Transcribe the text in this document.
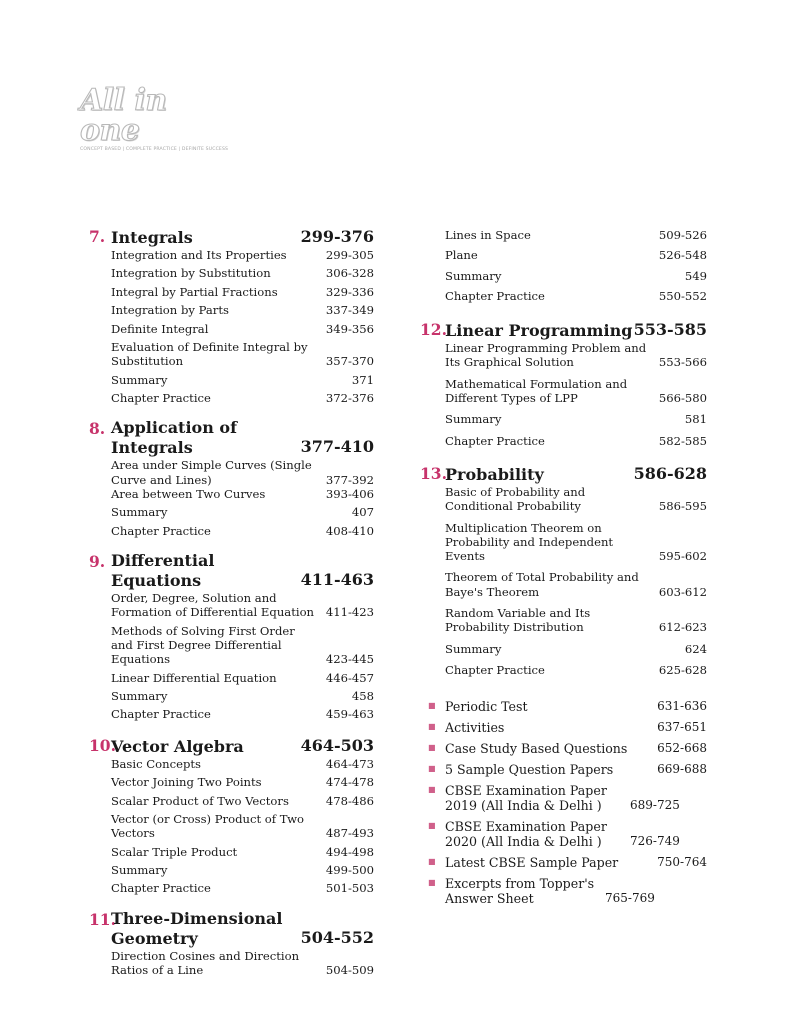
All in one
CONCEPT BASED | COMPLETE PRACTICE | DEFINITE SUCCESS
7. Integrals	299-376
Integration and Its Properties	299-305
Integration by Substitution	306-328
Integral by Partial Fractions	329-336
Integration by Parts	337-349
Definite Integral	349-356
Evaluation of Definite Integral by Substitution	357-370
Summary	371
Chapter Practice	372-376
8. Application of Integrals	377-410
Area under Simple Curves (Single Curve and Lines)	377-392
Area between Two Curves	393-406
Summary	407
Chapter Practice	408-410
9. Differential Equations	411-463
Order, Degree, Solution and Formation of Differential Equation	411-423
Methods of Solving First Order and First Degree Differential Equations	423-445
Linear Differential Equation	446-457
Summary	458
Chapter Practice	459-463
10.
Vector Algebra	464-503
Basic Concepts	464-473
Vector Joining Two Points	474-478
Scalar Product of Two Vectors	478-486
Vector (or Cross) Product of Two Vectors	487-493
Scalar Triple Product	494-498
Summary	499-500
Chapter Practice	501-503
11.
Three-Dimensional Geometry	504-552
Direction Cosines and Direction Ratios of a Line	504-509
Lines in Space	509-526
Plane	526-548
Summary	549
Chapter Practice	550-552
12.
Linear Programming 553-585
Linear Programming Problem and Its Graphical Solution	553-566
Mathematical Formulation and Different Types of LPP	566-580
Summary	581
Chapter Practice	582-585
13.
Probability	586-628
Basic of Probability and Conditional Probability	586-595
Multiplication Theorem on Probability and Independent Events	595-602
Theorem of Total Probability and Baye's Theorem	603-612
Random Variable and Its Probability Distribution	612-623
Summary	624
Chapter Practice	625-628
■ Periodic Test	631-636
■ Activities	637-651
■ Case Study Based Questions	652-668
■ 5 Sample Question Papers	669-688
■ CBSE Examination Paper 2019 (All India & Delhi )	689-725
■ CBSE Examination Paper 2020 (All India & Delhi )	726-749
■ Latest CBSE Sample Paper	750-764
■ Excerpts from Topper's Answer Sheet	765-769
